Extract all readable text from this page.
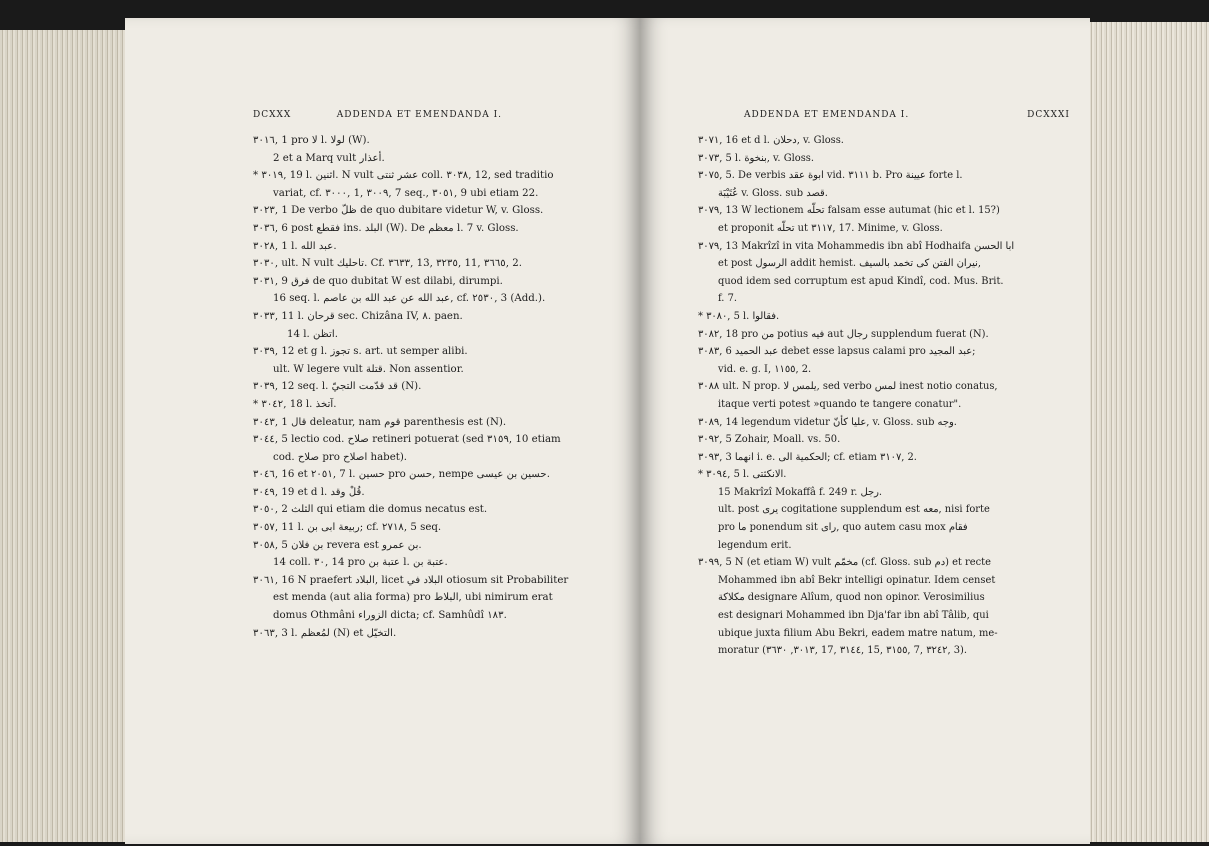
DCXXX	ADDENDA ET EMENDANDA I.
٣٠١٦, 1 pro لا l. لولا (W).
2 et a Marq vult أعذار.
* ٣٠١٩, 19 l. اثنين. N vult عشر ثنتى coll. ٣٠٣٨, 12, sed traditio
variat, cf. ٣٠٠٠, 1, ٣٠٠٩, 7 seq., ٣٠٥١, 9 ubi etiam 22.
٣٠٢٣, 1 De verbo ظلّ de quo dubitare videtur W, v. Gloss.
٣٠٣٦, 6 post فقطع ins. البلد (W). De معظم l. 7 v. Gloss.
٣٠٢٨, 1 l. عبد الله.
٣٠٣٠, ult. N vult تاحليك. Cf. ٣٦٣٣, 13, ٣٢٣٥, 11, ٣٦٦٥, 2.
٣٠٣١, 9 فرق de quo dubitat W est dilabi, dirumpi.
16 seq. l. عبد الله عن عبد الله بن عاصم, cf. ٢٥٣٠, 3 (Add.).
٣٠٣٣, 11 l. قرحان sec. Chizâna IV, ٨. paen.
14 l. اتظن.
٣٠٣٩, 12 et g l. تجوز s. art. ut semper alibi.
ult. W legere vult قتلة. Non assentior.
٣٠٣٩, 12 seq. l. قد قدّمت التجيّ (N).
* ٣٠٤٢, 18 l. آتخذ.
٣٠٤٣, 1 قال deleatur, nam قوم parenthesis est (N).
٣٠٤٤, 5 lectio cod. صلاح retineri potuerat (sed ٣١٥٩, 10 etiam
cod. صلاح pro اصلاح habet).
٣٠٤٦, 16 et ٢٠٥١, 7 l. حسين pro حسن, nempe حسين بن عيسى.
٣٠٤٩, 19 et d l. قُلْ وقد.
٣٠٥٠, 2 الثلث qui etiam die domus necatus est.
٣٠٥٧, 11 l. ربيعة ابى بن; cf. ٢٧١٨, 5 seq.
٣٠٥٨, 5 بن فلان revera est بن عمرو.
14 coll. ٣٠, 14 pro عتبة بن l. عتبة بن.
٣٠٦١, 16 N praefert البلاد, licet البلاد في otiosum sit Probabiliter
est menda (aut alia forma) pro البلاط, ubi nimirum erat
domus Othmâni الزوراء dicta; cf. Samhûdî ١٨٣.
٣٠٦٣, 3 l. لمُعظم (N) et التخيّل.
ADDENDA ET EMENDANDA I.	DCXXXI
٣٠٧١, 16 et d l. دحلان, v. Gloss.
٣٠٧٣, 5 l. بنخوة, v. Gloss.
٣٠٧٥, 5. De verbis ابوة عقد vid. ٣١١١ b. Pro عيينة forte l.
عُتَيْبَة v. Gloss. sub قصد.
٣٠٧٩, 13 W lectionem تحلّه falsam esse autumat (hic et l. 15?)
et proponit تحلّه ut ٣١١٧, 17. Minime, v. Gloss.
٣٠٧٩, 13 Makrîzî in vita Mohammedis ibn abî Hodhaifa ابا الحسن
et post الرسول addit hemist. نيران الفتن كى تخمد بالسيف,
quod idem sed corruptum est apud Kindî, cod. Mus. Brit.
f. 7.
* ٣٠٨٠, 5 l. فقالوا.
٣٠٨٢, 18 pro من potius فيه aut رجال supplendum fuerat (N).
٣٠٨٣, 6 عبد الحميد debet esse lapsus calami pro عبد المجيد;
vid. e. g. I, ١١٥٥, 2.
٣٠٨٨ ult. N prop. يلمس لا, sed verbo لمس inest notio conatus,
itaque verti potest »quando te tangere conatur".
٣٠٨٩, 14 legendum videtur عليا كأنّ, v. Gloss. sub وجه.
٣٠٩٢, 5 Zohair, Moall. vs. 50.
٣٠٩٣, 3 انهما i. e. الحكمية الى; cf. etiam ٣١٠٧, 2.
* ٣٠٩٤, 5 l. الانكثتى.
15 Makrîzî Mokaffâ f. 249 r. رجل.
ult. post يرى cogitatione supplendum est معه, nisi forte
pro ما ponendum sit راى, quo autem casu mox فقام
legendum erit.
٣٠٩٩, 5 N (et etiam W) vult مخمّم (cf. Gloss. sub دم) et recte
Mohammed ibn abî Bekr intelligi opinatur. Idem censet
مكلاكة designare Alîum, quod non opinor. Verosimilius
est designari Mohammed ibn Dja'far ibn abî Tâlib, qui
ubique juxta filium Abu Bekri, eadem matre natum, me-
moratur (٣٠١٣, ٣٦٣٠, 17, ٣١٤٤, 15, ٣١٥٥, 7, ٣٢٤٢, 3).
